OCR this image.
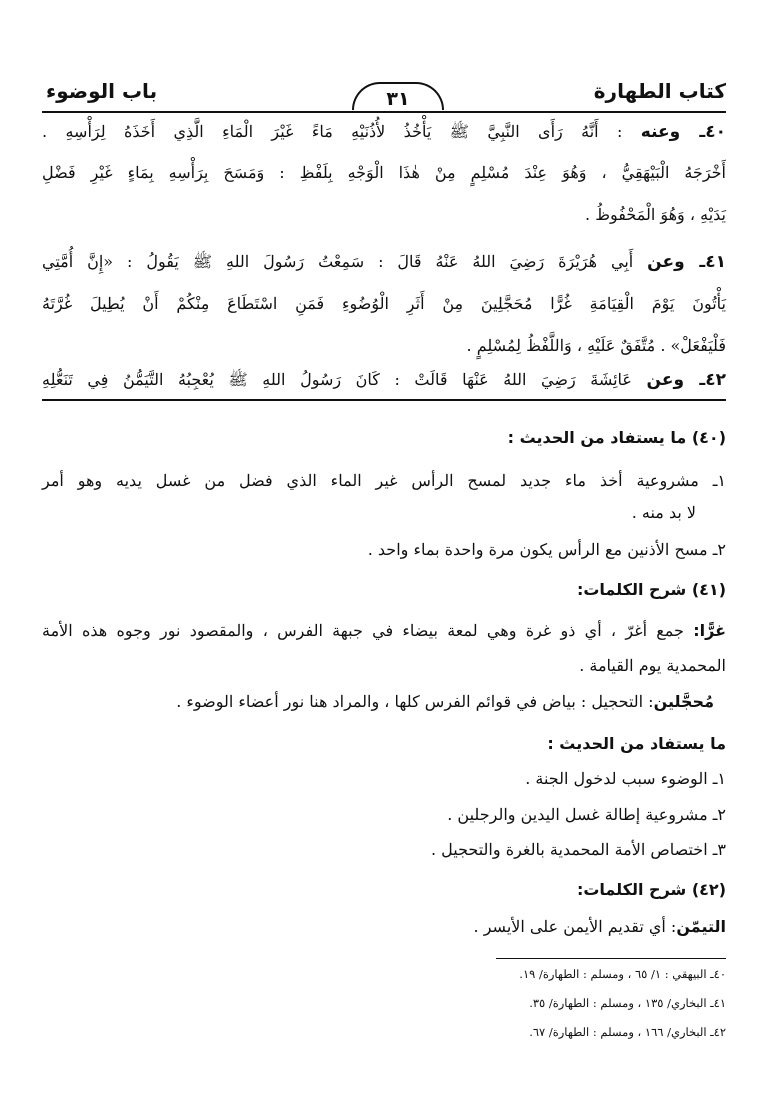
كتاب الطهارة
٣١
باب الوضوء
٤٠ـ وعنه : أَنَّهُ رَأَى النَّبِيَّ ﷺ يَأْخُذُ لأُذُنَيْهِ مَاءً غَيْرَ الْمَاءِ الَّذِي أَخَذَهُ لِرَأْسِهِ .
أَخْرَجَهُ الْبَيْهَقِيُّ ، وَهُوَ عِنْدَ مُسْلِمٍ مِنْ هٰذَا الْوَجْهِ بِلَفْظِ : وَمَسَحَ بِرَأْسِهِ بِمَاءٍ غَيْرِ فَضْلِ
يَدَيْهِ ، وَهُوَ الْمَحْفُوظُ .
٤١ـ وعن أَبِي هُرَيْرَةَ رَضِيَ اللهُ عَنْهُ قَالَ : سَمِعْتُ رَسُولَ اللهِ ﷺ يَقُولُ : «إِنَّ أُمَّتِي
يَأْتُونَ يَوْمَ الْقِيَامَةِ غُرًّا مُحَجَّلِينَ مِنْ أَثَرِ الْوُضُوءِ فَمَنِ اسْتَطَاعَ مِنْكُمْ أَنْ يُطِيلَ غُرَّتَهُ
فَلْيَفْعَلْ» . مُتَّفَقٌ عَلَيْهِ ، وَاللَّفْظُ لِمُسْلِمٍ .
٤٢ـ وعن عَائِشَةَ رَضِيَ اللهُ عَنْهَا قَالَتْ : كَانَ رَسُولُ اللهِ ﷺ يُعْجِبُهُ التَّيَمُّنُ فِي تَنَعُّلِهِ
(٤٠) ما يستفاد من الحديث :
١ـ مشروعية أخذ ماء جديد لمسح الرأس غير الماء الذي فضل من غسل يديه وهو أمر
لا بد منه .
٢ـ مسح الأذنين مع الرأس يكون مرة واحدة بماء واحد .
(٤١) شرح الكلمات:
غرًّا: جمع أغرّ ، أي ذو غرة وهي لمعة بيضاء في جبهة الفرس ، والمقصود نور وجوه هذه الأمة
المحمدية يوم القيامة .
مُحجَّلين: التحجيل : بياض في قوائم الفرس كلها ، والمراد هنا نور أعضاء الوضوء .
ما يستفاد من الحديث :
١ـ الوضوء سبب لدخول الجنة .
٢ـ مشروعية إطالة غسل اليدين والرجلين .
٣ـ اختصاص الأمة المحمدية بالغرة والتحجيل .
(٤٢) شرح الكلمات:
التيمّن: أي تقديم الأيمن على الأيسر .
٤٠ـ البيهقي : ١/ ٦٥ ، ومسلم : الطهارة/ ١٩.
٤١ـ البخاري/ ١٣٥ ، ومسلم : الطهارة/ ٣٥.
٤٢ـ البخاري/ ١٦٦ ، ومسلم : الطهارة/ ٦٧.
